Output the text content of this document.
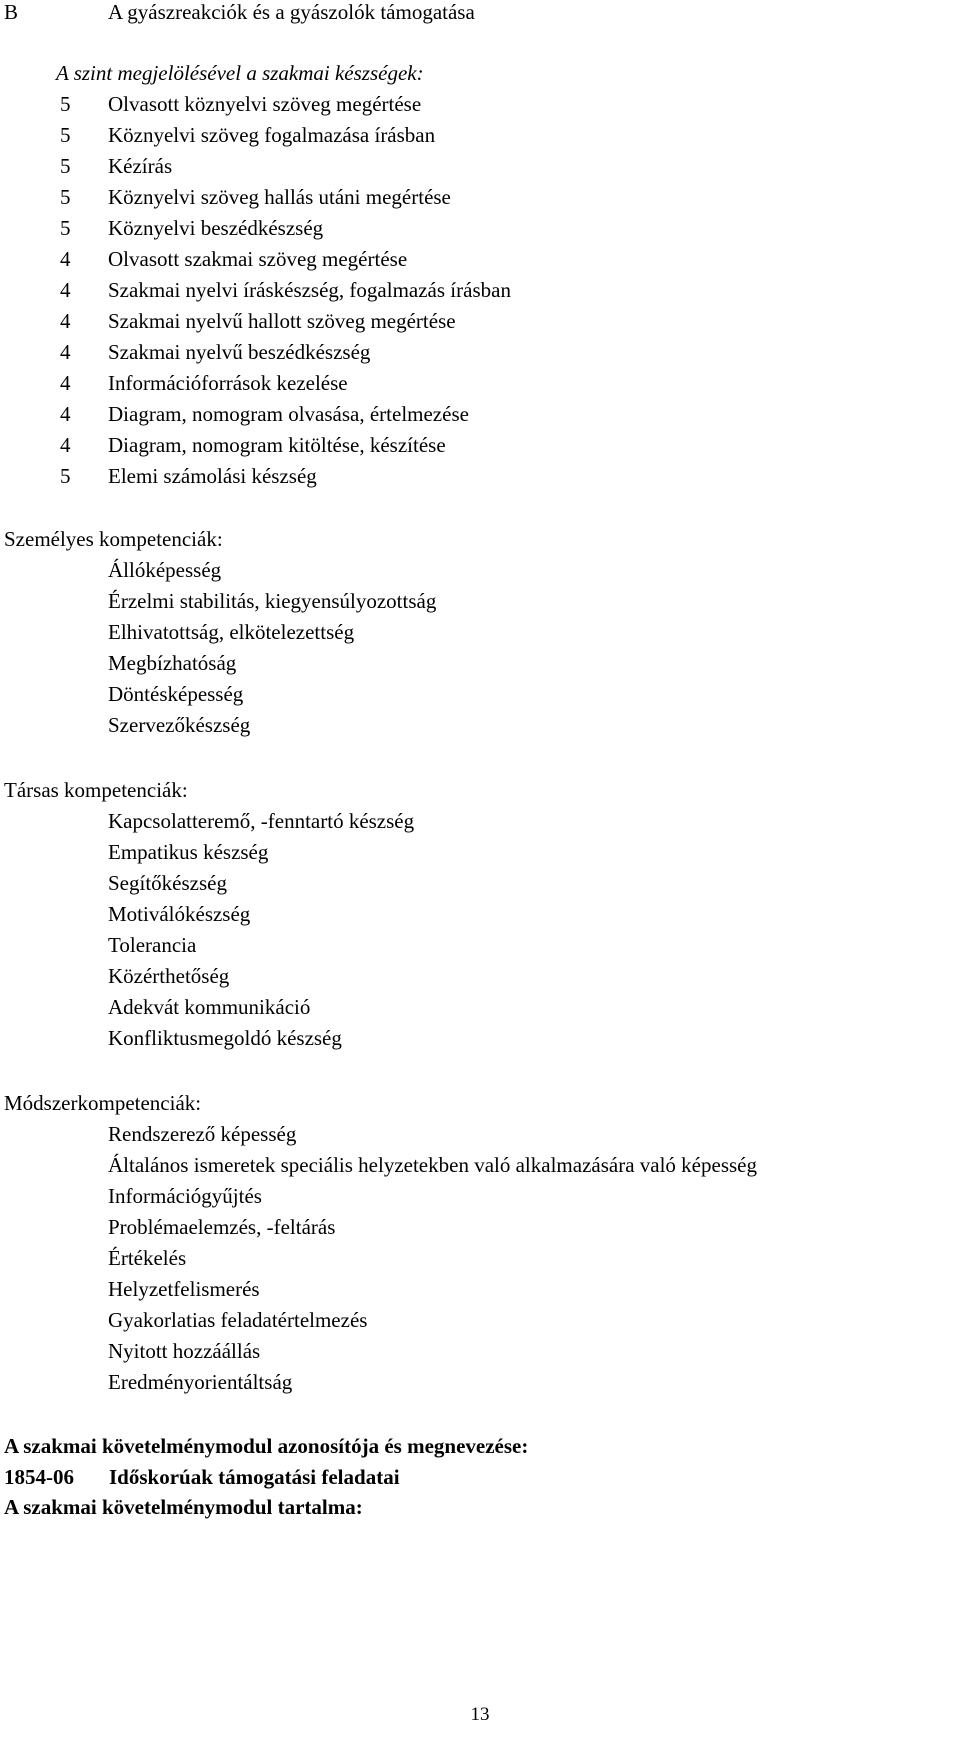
B	A gyászreakciók és a gyászolók támogatása
A szint megjelölésével a szakmai készségek:
5	Olvasott köznyelvi szöveg megértése
5	Köznyelvi szöveg fogalmazása írásban
5	Kézírás
5	Köznyelvi szöveg hallás utáni megértése
5	Köznyelvi beszédkészség
4	Olvasott szakmai szöveg megértése
4	Szakmai nyelvi íráskészség, fogalmazás írásban
4	Szakmai nyelvű hallott szöveg megértése
4	Szakmai nyelvű beszédkészség
4	Információforrások kezelése
4	Diagram, nomogram olvasása, értelmezése
4	Diagram, nomogram kitöltése, készítése
5	Elemi számolási készség
Személyes kompetenciák:
Állóképesség
Érzelmi stabilitás, kiegyensúlyozottság
Elhivatottság, elkötelezettség
Megbízhatóság
Döntésképesség
Szervezőkészség
Társas kompetenciák:
Kapcsolatteremő, -fenntartó készség
Empatikus készség
Segítőkészség
Motiválókészség
Tolerancia
Közérthetőség
Adekvát kommunikáció
Konfliktusmegoldó készség
Módszerkompetenciák:
Rendszerező képesség
Általános ismeretek speciális helyzetekben való alkalmazására való képesség
Információgyűjtés
Problémaelemzés, -feltárás
Értékelés
Helyzetfelismerés
Gyakorlatias feladatértelmezés
Nyitott hozzáállás
Eredményorientáltság
A szakmai követelménymodul azonosítója és megnevezése:
1854-06 Időskorúak támogatási feladatai
A szakmai követelménymodul tartalma:
13
